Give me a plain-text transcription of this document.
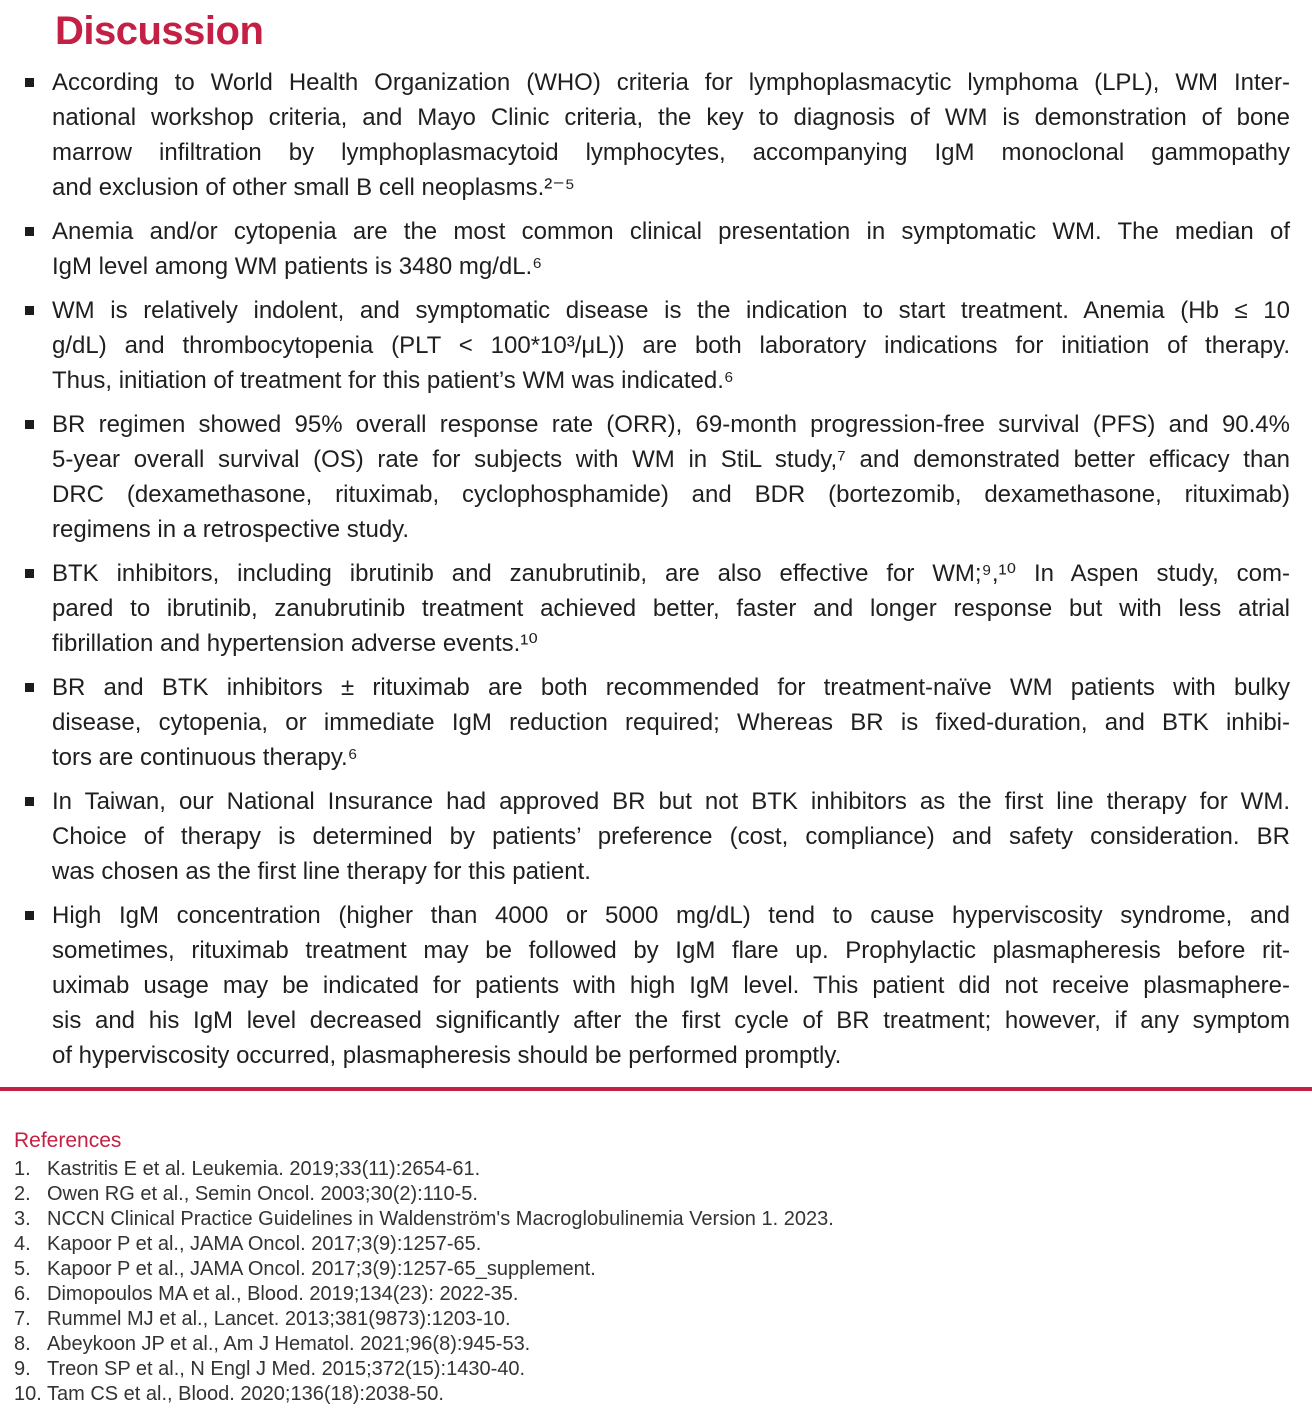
Discussion
According to World Health Organization (WHO) criteria for lymphoplasmacytic lymphoma (LPL), WM Inter-
national workshop criteria, and Mayo Clinic criteria, the key to diagnosis of WM is demonstration of bone
marrow infiltration by lymphoplasmacytoid lymphocytes, accompanying IgM monoclonal gammopathy
and exclusion of other small B cell neoplasms.²⁻⁵
Anemia and/or cytopenia are the most common clinical presentation in symptomatic WM. The median of
IgM level among WM patients is 3480 mg/dL.⁶
WM is relatively indolent, and symptomatic disease is the indication to start treatment. Anemia (Hb ≤ 10
g/dL) and thrombocytopenia (PLT < 100*10³/μL)) are both laboratory indications for initiation of therapy.
Thus, initiation of treatment for this patient’s WM was indicated.⁶
BR regimen showed 95% overall response rate (ORR), 69-month progression-free survival (PFS) and 90.4%
5-year overall survival (OS) rate for subjects with WM in StiL study,⁷ and demonstrated better efficacy than
DRC (dexamethasone, rituximab, cyclophosphamide) and BDR (bortezomib, dexamethasone, rituximab)
regimens in a retrospective study.
BTK inhibitors, including ibrutinib and zanubrutinib, are also effective for WM;⁹,¹⁰ In Aspen study, com-
pared to ibrutinib, zanubrutinib treatment achieved better, faster and longer response but with less atrial
fibrillation and hypertension adverse events.¹⁰
BR and BTK inhibitors ± rituximab are both recommended for treatment-naïve WM patients with bulky
disease, cytopenia, or immediate IgM reduction required; Whereas BR is fixed-duration, and BTK inhibi-
tors are continuous therapy.⁶
In Taiwan, our National Insurance had approved BR but not BTK inhibitors as the first line therapy for WM.
Choice of therapy is determined by patients’ preference (cost, compliance) and safety consideration. BR
was chosen as the first line therapy for this patient.
High IgM concentration (higher than 4000 or 5000 mg/dL) tend to cause hyperviscosity syndrome, and
sometimes, rituximab treatment may be followed by IgM flare up. Prophylactic plasmapheresis before rit-
uximab usage may be indicated for patients with high IgM level. This patient did not receive plasmaphere-
sis and his IgM level decreased significantly after the first cycle of BR treatment; however, if any symptom
of hyperviscosity occurred, plasmapheresis should be performed promptly.
References
1. Kastritis E et al. Leukemia. 2019;33(11):2654-61.
2. Owen RG et al., Semin Oncol. 2003;30(2):110-5.
3. NCCN Clinical Practice Guidelines in Waldenström's Macroglobulinemia Version 1. 2023.
4. Kapoor P et al., JAMA Oncol. 2017;3(9):1257-65.
5. Kapoor P et al., JAMA Oncol. 2017;3(9):1257-65_supplement.
6. Dimopoulos MA et al., Blood. 2019;134(23): 2022-35.
7. Rummel MJ et al., Lancet. 2013;381(9873):1203-10.
8. Abeykoon JP et al., Am J Hematol. 2021;96(8):945-53.
9. Treon SP et al., N Engl J Med. 2015;372(15):1430-40.
10. Tam CS et al., Blood. 2020;136(18):2038-50.
